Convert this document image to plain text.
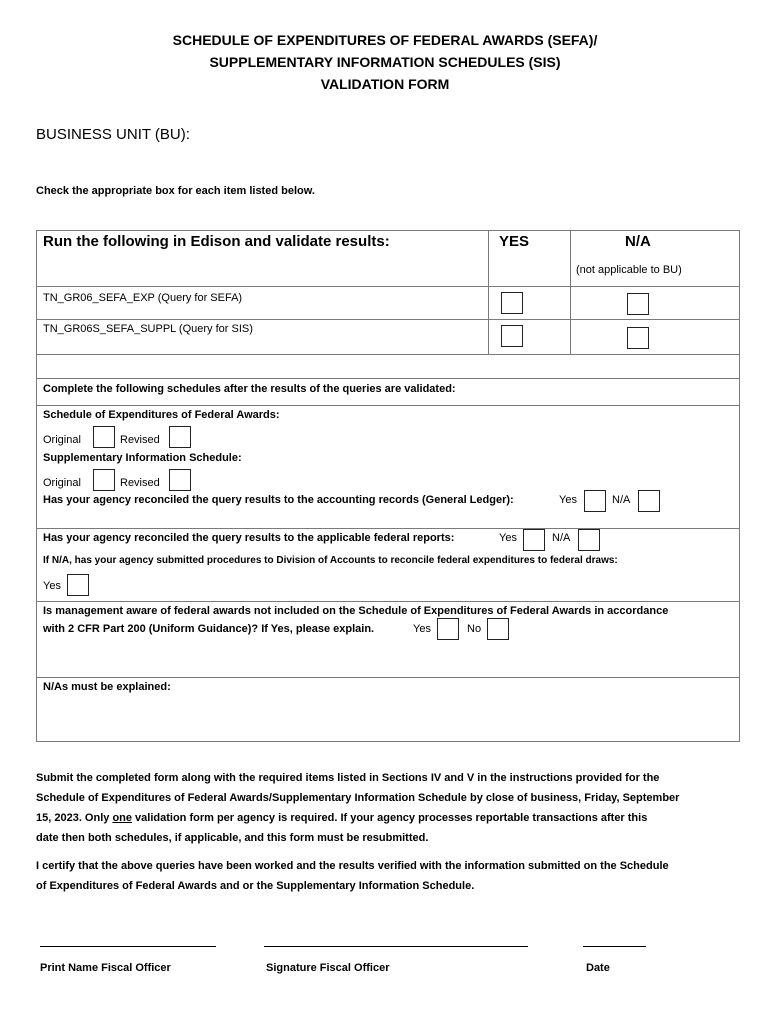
SCHEDULE OF EXPENDITURES OF FEDERAL AWARDS (SEFA)/
SUPPLEMENTARY INFORMATION SCHEDULES (SIS)
VALIDATION FORM
BUSINESS UNIT (BU):
Check the appropriate box for each item listed below.
Run the following in Edison and validate results:	YES	N/A
(not applicable to BU)
TN_GR06_SEFA_EXP (Query for SEFA)
TN_GR06S_SEFA_SUPPL (Query for SIS)
Complete the following schedules after the results of the queries are validated:
Schedule of Expenditures of Federal Awards:
Original	Revised
Supplementary Information Schedule:
Original	Revised
Has your agency reconciled the query results to the accounting records (General Ledger):	Yes	N/A
Has your agency reconciled the query results to the applicable federal reports:	Yes	N/A
If N/A, has your agency submitted procedures to Division of Accounts to reconcile federal expenditures to federal draws:
Yes
Is management aware of federal awards not included on the Schedule of Expenditures of Federal Awards in accordance
with 2 CFR Part 200 (Uniform Guidance)? If Yes, please explain.	Yes	No
N/As must be explained:
Submit the completed form along with the required items listed in Sections IV and V in the instructions provided for the
Schedule of Expenditures of Federal Awards/Supplementary Information Schedule by close of business, Friday, September
15, 2023. Only one validation form per agency is required. If your agency processes reportable transactions after this
date then both schedules, if applicable, and this form must be resubmitted.
I certify that the above queries have been worked and the results verified with the information submitted on the Schedule
of Expenditures of Federal Awards and or the Supplementary Information Schedule.
Print Name Fiscal Officer	Signature Fiscal Officer	Date
